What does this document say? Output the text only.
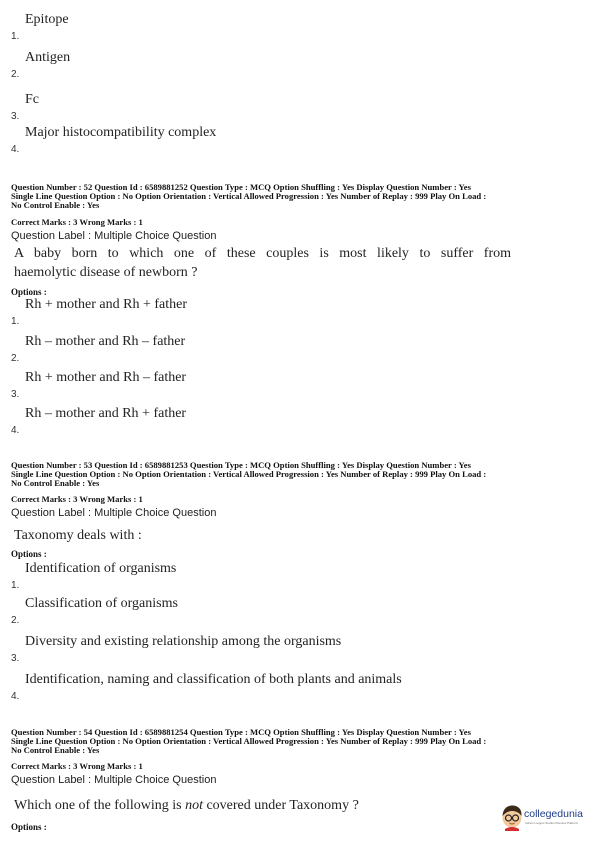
1.
Epitope
2.
Antigen
3.
Fc
4.
Major histocompatibility complex
Question Number : 52 Question Id : 6589881252 Question Type : MCQ Option Shuffling : Yes Display Question Number : Yes
Single Line Question Option : No Option Orientation : Vertical Allowed Progression : Yes Number of Replay : 999 Play On Load :
No Control Enable : Yes
Correct Marks : 3 Wrong Marks : 1
Question Label : Multiple Choice Question
A baby born to which one of these couples is most likely to suffer from
haemolytic disease of newborn ?
Options :
1.
Rh + mother and Rh + father
2.
Rh – mother and Rh – father
3.
Rh + mother and Rh – father
4.
Rh – mother and Rh + father
Question Number : 53 Question Id : 6589881253 Question Type : MCQ Option Shuffling : Yes Display Question Number : Yes
Single Line Question Option : No Option Orientation : Vertical Allowed Progression : Yes Number of Replay : 999 Play On Load :
No Control Enable : Yes
Correct Marks : 3 Wrong Marks : 1
Question Label : Multiple Choice Question
Taxonomy deals with :
Options :
1.
Identification of organisms
2.
Classification of organisms
3.
Diversity and existing relationship among the organisms
4.
Identification, naming and classification of both plants and animals
Question Number : 54 Question Id : 6589881254 Question Type : MCQ Option Shuffling : Yes Display Question Number : Yes
Single Line Question Option : No Option Orientation : Vertical Allowed Progression : Yes Number of Replay : 999 Play On Load :
No Control Enable : Yes
Correct Marks : 3 Wrong Marks : 1
Question Label : Multiple Choice Question
Which one of the following is not covered under Taxonomy ?
Options :
collegedunia
India's Largest Student Review Platform
